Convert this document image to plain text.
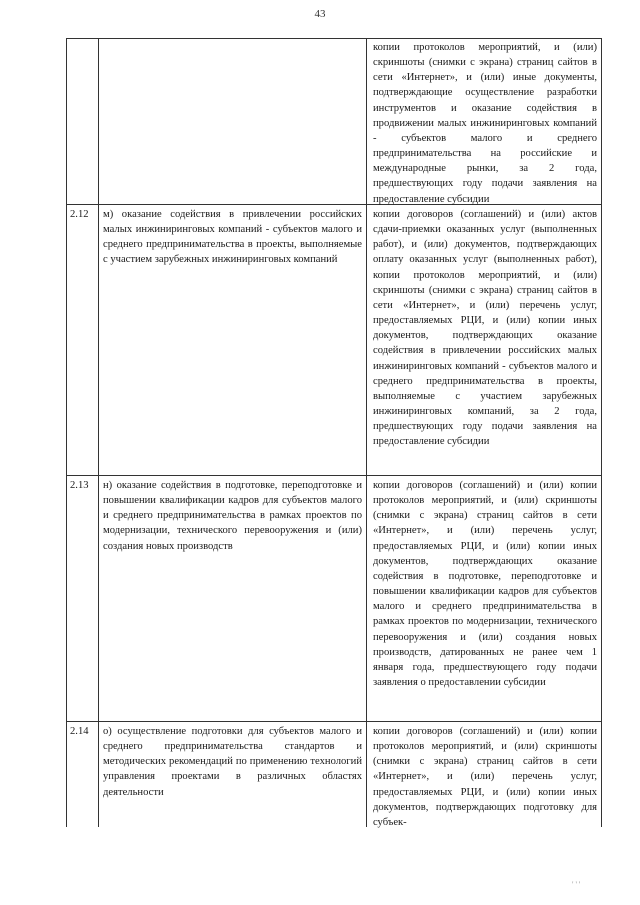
43
копии протоколов мероприятий, и (или) скриншоты (снимки с экрана) страниц сайтов в сети «Интернет», и (или) иные документы, подтверждающие осуществление разработки инструментов и оказание содействия в продвижении малых инжиниринговых компаний - субъектов малого и среднего предпринимательства на российские и международные рынки, за 2 года, предшествующих году подачи заявления на предоставление субсидии
2.12 м) оказание содействия в привлечении российских малых инжиниринговых компаний - субъектов малого и среднего предпринимательства в проекты, выполняемые с участием зарубежных инжиниринговых компаний
копии договоров (соглашений) и (или) актов сдачи-приемки оказанных услуг (выполненных работ), и (или) документов, подтверждающих оплату оказанных услуг (выполненных работ), копии протоколов мероприятий, и (или) скриншоты (снимки с экрана) страниц сайтов в сети «Интернет», и (или) перечень услуг, предоставляемых РЦИ, и (или) копии иных документов, подтверждающих оказание содействия в привлечении российских малых инжиниринговых компаний - субъектов малого и среднего предпринимательства в проекты, выполняемые с участием зарубежных инжиниринговых компаний, за 2 года, предшествующих году подачи заявления на предоставление субсидии
2.13 н) оказание содействия в подготовке, переподготовке и повышении квалификации кадров для субъектов малого и среднего предпринимательства в рамках проектов по модернизации, технического перевооружения и (или) создания новых производств
копии договоров (соглашений) и (или) копии протоколов мероприятий, и (или) скриншоты (снимки с экрана) страниц сайтов в сети «Интернет», и (или) перечень услуг, предоставляемых РЦИ, и (или) копии иных документов, подтверждающих оказание содействия в подготовке, переподготовке и повышении квалификации кадров для субъектов малого и среднего предпринимательства в рамках проектов по модернизации, технического перевооружения и (или) создания новых производств, датированных не ранее чем 1 января года, предшествующего году подачи заявления о предоставлении субсидии
2.14 о) осуществление подготовки для субъектов малого и среднего предпринимательства стандартов и методических рекомендаций по применению технологий управления проектами в различных областях деятельности
копии договоров (соглашений) и (или) копии протоколов мероприятий, и (или) скриншоты (снимки с экрана) страниц сайтов в сети «Интернет», и (или) перечень услуг, предоставляемых РЦИ, и (или) копии иных документов, подтверждающих подготовку для субъек-
' ' '
